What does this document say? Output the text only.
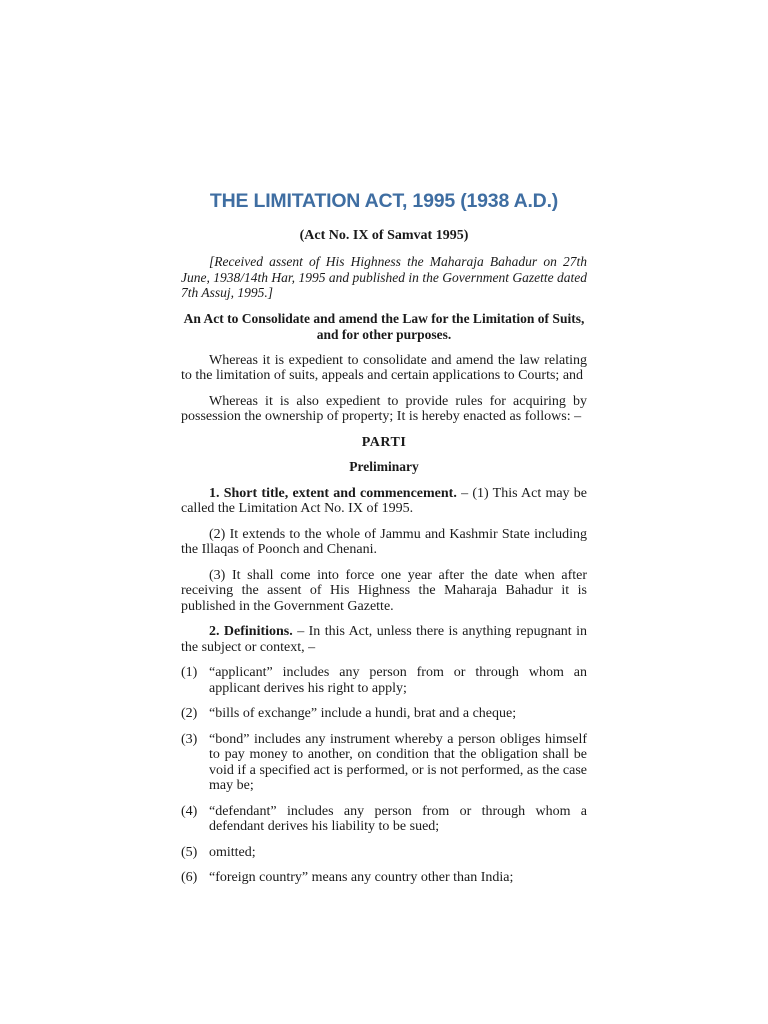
THE LIMITATION ACT, 1995 (1938 A.D.)
(Act No. IX of Samvat 1995)

[Received assent of His Highness the Maharaja Bahadur on 27th June, 1938/14th Har, 1995 and published in the Government Gazette dated 7th Assuj, 1995.]

An Act to Consolidate and amend the Law for the Limitation of Suits, and for other purposes.

Whereas it is expedient to consolidate and amend the law relating to the limitation of suits, appeals and certain applications to Courts; and

Whereas it is also expedient to provide rules for acquiring by possession the ownership of property; It is hereby enacted as follows: –

PARTI
Preliminary

1. Short title, extent and commencement. – (1) This Act may be called the Limitation Act No. IX of 1995.

(2) It extends to the whole of Jammu and Kashmir State including the Illaqas of Poonch and Chenani.

(3) It shall come into force one year after the date when after receiving the assent of His Highness the Maharaja Bahadur it is published in the Government Gazette.

2. Definitions. – In this Act, unless there is anything repugnant in the subject or context, –

(1) “applicant” includes any person from or through whom an applicant derives his right to apply;
(2) “bills of exchange” include a hundi, brat and a cheque;
(3) “bond” includes any instrument whereby a person obliges himself to pay money to another, on condition that the obligation shall be void if a specified act is performed, or is not performed, as the case may be;
(4) “defendant” includes any person from or through whom a defendant derives his liability to be sued;
(5) omitted;
(6) “foreign country” means any country other than India;
